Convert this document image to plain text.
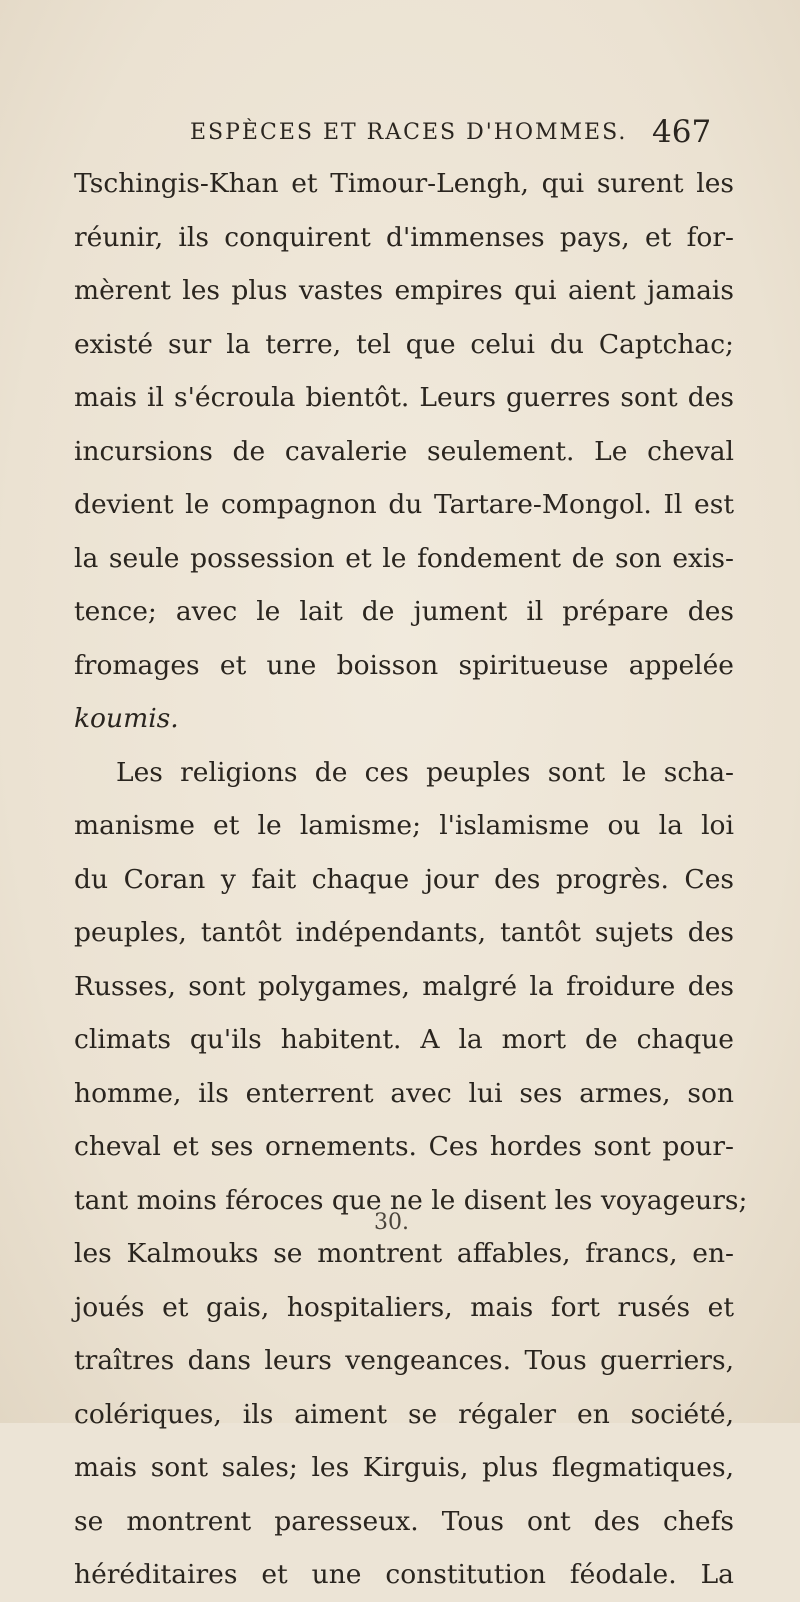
ESPÈCES ET RACES D'HOMMES. 467
Tschingis-Khan et Timour-Lengh, qui surent les
réunir, ils conquirent d'immenses pays, et for-
mèrent les plus vastes empires qui aient jamais
existé sur la terre, tel que celui du Captchac;
mais il s'écroula bientôt. Leurs guerres sont des
incursions de cavalerie seulement. Le cheval
devient le compagnon du Tartare-Mongol. Il est
la seule possession et le fondement de son exis-
tence; avec le lait de jument il prépare des
fromages et une boisson spiritueuse appelée
koumis.
Les religions de ces peuples sont le scha-
manisme et le lamisme; l'islamisme ou la loi
du Coran y fait chaque jour des progrès. Ces
peuples, tantôt indépendants, tantôt sujets des
Russes, sont polygames, malgré la froidure des
climats qu'ils habitent. A la mort de chaque
homme, ils enterrent avec lui ses armes, son
cheval et ses ornements. Ces hordes sont pour-
tant moins féroces que ne le disent les voyageurs;
les Kalmouks se montrent affables, francs, en-
joués et gais, hospitaliers, mais fort rusés et
traîtres dans leurs vengeances. Tous guerriers,
colériques, ils aiment se régaler en société,
mais sont sales; les Kirguis, plus flegmatiques,
se montrent paresseux. Tous ont des chefs
héréditaires et une constitution féodale. La
30.
